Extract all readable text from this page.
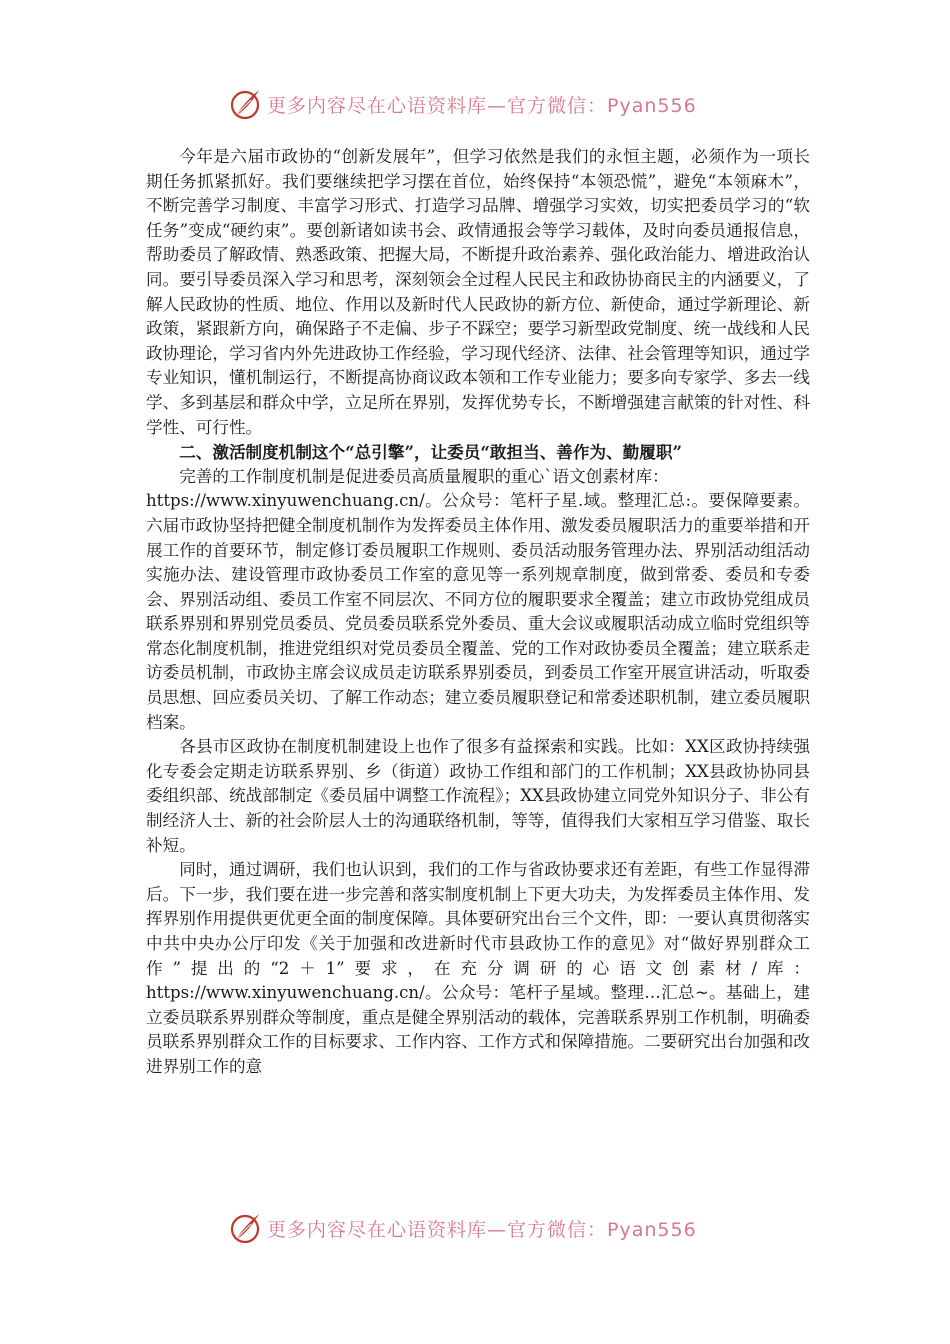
更多内容尽在心语资料库—官方微信：Pyan556

今年是六届市政协的“创新发展年”，但学习依然是我们的永恒主题，必须作为一项长期任务抓紧抓好。我们要继续把学习摆在首位，始终保持“本领恐慌”，避免“本领麻木”，不断完善学习制度、丰富学习形式、打造学习品牌、增强学习实效，切实把委员学习的“软任务”变成“硬约束”。要创新诸如读书会、政情通报会等学习载体，及时向委员通报信息，帮助委员了解政情、熟悉政策、把握大局，不断提升政治素养、强化政治能力、增进政治认同。要引导委员深入学习和思考，深刻领会全过程人民民主和政协协商民主的内涵要义，了解人民政协的性质、地位、作用以及新时代人民政协的新方位、新使命，通过学新理论、新政策，紧跟新方向，确保路子不走偏、步子不踩空；要学习新型政党制度、统一战线和人民政协理论，学习省内外先进政协工作经验，学习现代经济、法律、社会管理等知识，通过学专业知识，懂机制运行，不断提高协商议政本领和工作专业能力；要多向专家学、多去一线学、多到基层和群众中学，立足所在界别，发挥优势专长，不断增强建言献策的针对性、科学性、可行性。

二、激活制度机制这个“总引擎”，让委员“敢担当、善作为、勤履职”

完善的工作制度机制是促进委员高质量履职的重心`语文创素材库：

https://www.xinyuwenchuang.cn/。公众号：笔杆子星.域。整理汇总:。要保障要素。六届市政协坚持把健全制度机制作为发挥委员主体作用、激发委员履职活力的重要举措和开展工作的首要环节，制定修订委员履职工作规则、委员活动服务管理办法、界别活动组活动实施办法、建设管理市政协委员工作室的意见等一系列规章制度，做到常委、委员和专委会、界别活动组、委员工作室不同层次、不同方位的履职要求全覆盖；建立市政协党组成员联系界别和界别党员委员、党员委员联系党外委员、重大会议或履职活动成立临时党组织等常态化制度机制，推进党组织对党员委员全覆盖、党的工作对政协委员全覆盖；建立联系走访委员机制，市政协主席会议成员走访联系界别委员，到委员工作室开展宣讲活动，听取委员思想、回应委员关切、了解工作动态；建立委员履职登记和常委述职机制，建立委员履职档案。

各县市区政协在制度机制建设上也作了很多有益探索和实践。比如：XX区政协持续强化专委会定期走访联系界别、乡（街道）政协工作组和部门的工作机制；XX县政协协同县委组织部、统战部制定《委员届中调整工作流程》；XX县政协建立同党外知识分子、非公有制经济人士、新的社会阶层人士的沟通联络机制，等等，值得我们大家相互学习借鉴、取长补短。

同时，通过调研，我们也认识到，我们的工作与省政协要求还有差距，有些工作显得滞后。下一步，我们要在进一步完善和落实制度机制上下更大功夫，为发挥委员主体作用、发挥界别作用提供更优更全面的制度保障。具体要研究出台三个文件，即：一要认真贯彻落实中共中央办公厅印发《关于加强和改进新时代市县政协工作的意见》对“做好界别群众工作”提出的“2＋1”要求，在充分调研的心语文创素材/库：https://www.xinyuwenchuang.cn/。公众号：笔杆子星域。整理…汇总~。基础上，建立委员联系界别群众等制度，重点是健全界别活动的载体，完善联系界别工作机制，明确委员联系界别群众工作的目标要求、工作内容、工作方式和保障措施。二要研究出台加强和改进界别工作的意

更多内容尽在心语资料库—官方微信：Pyan556
